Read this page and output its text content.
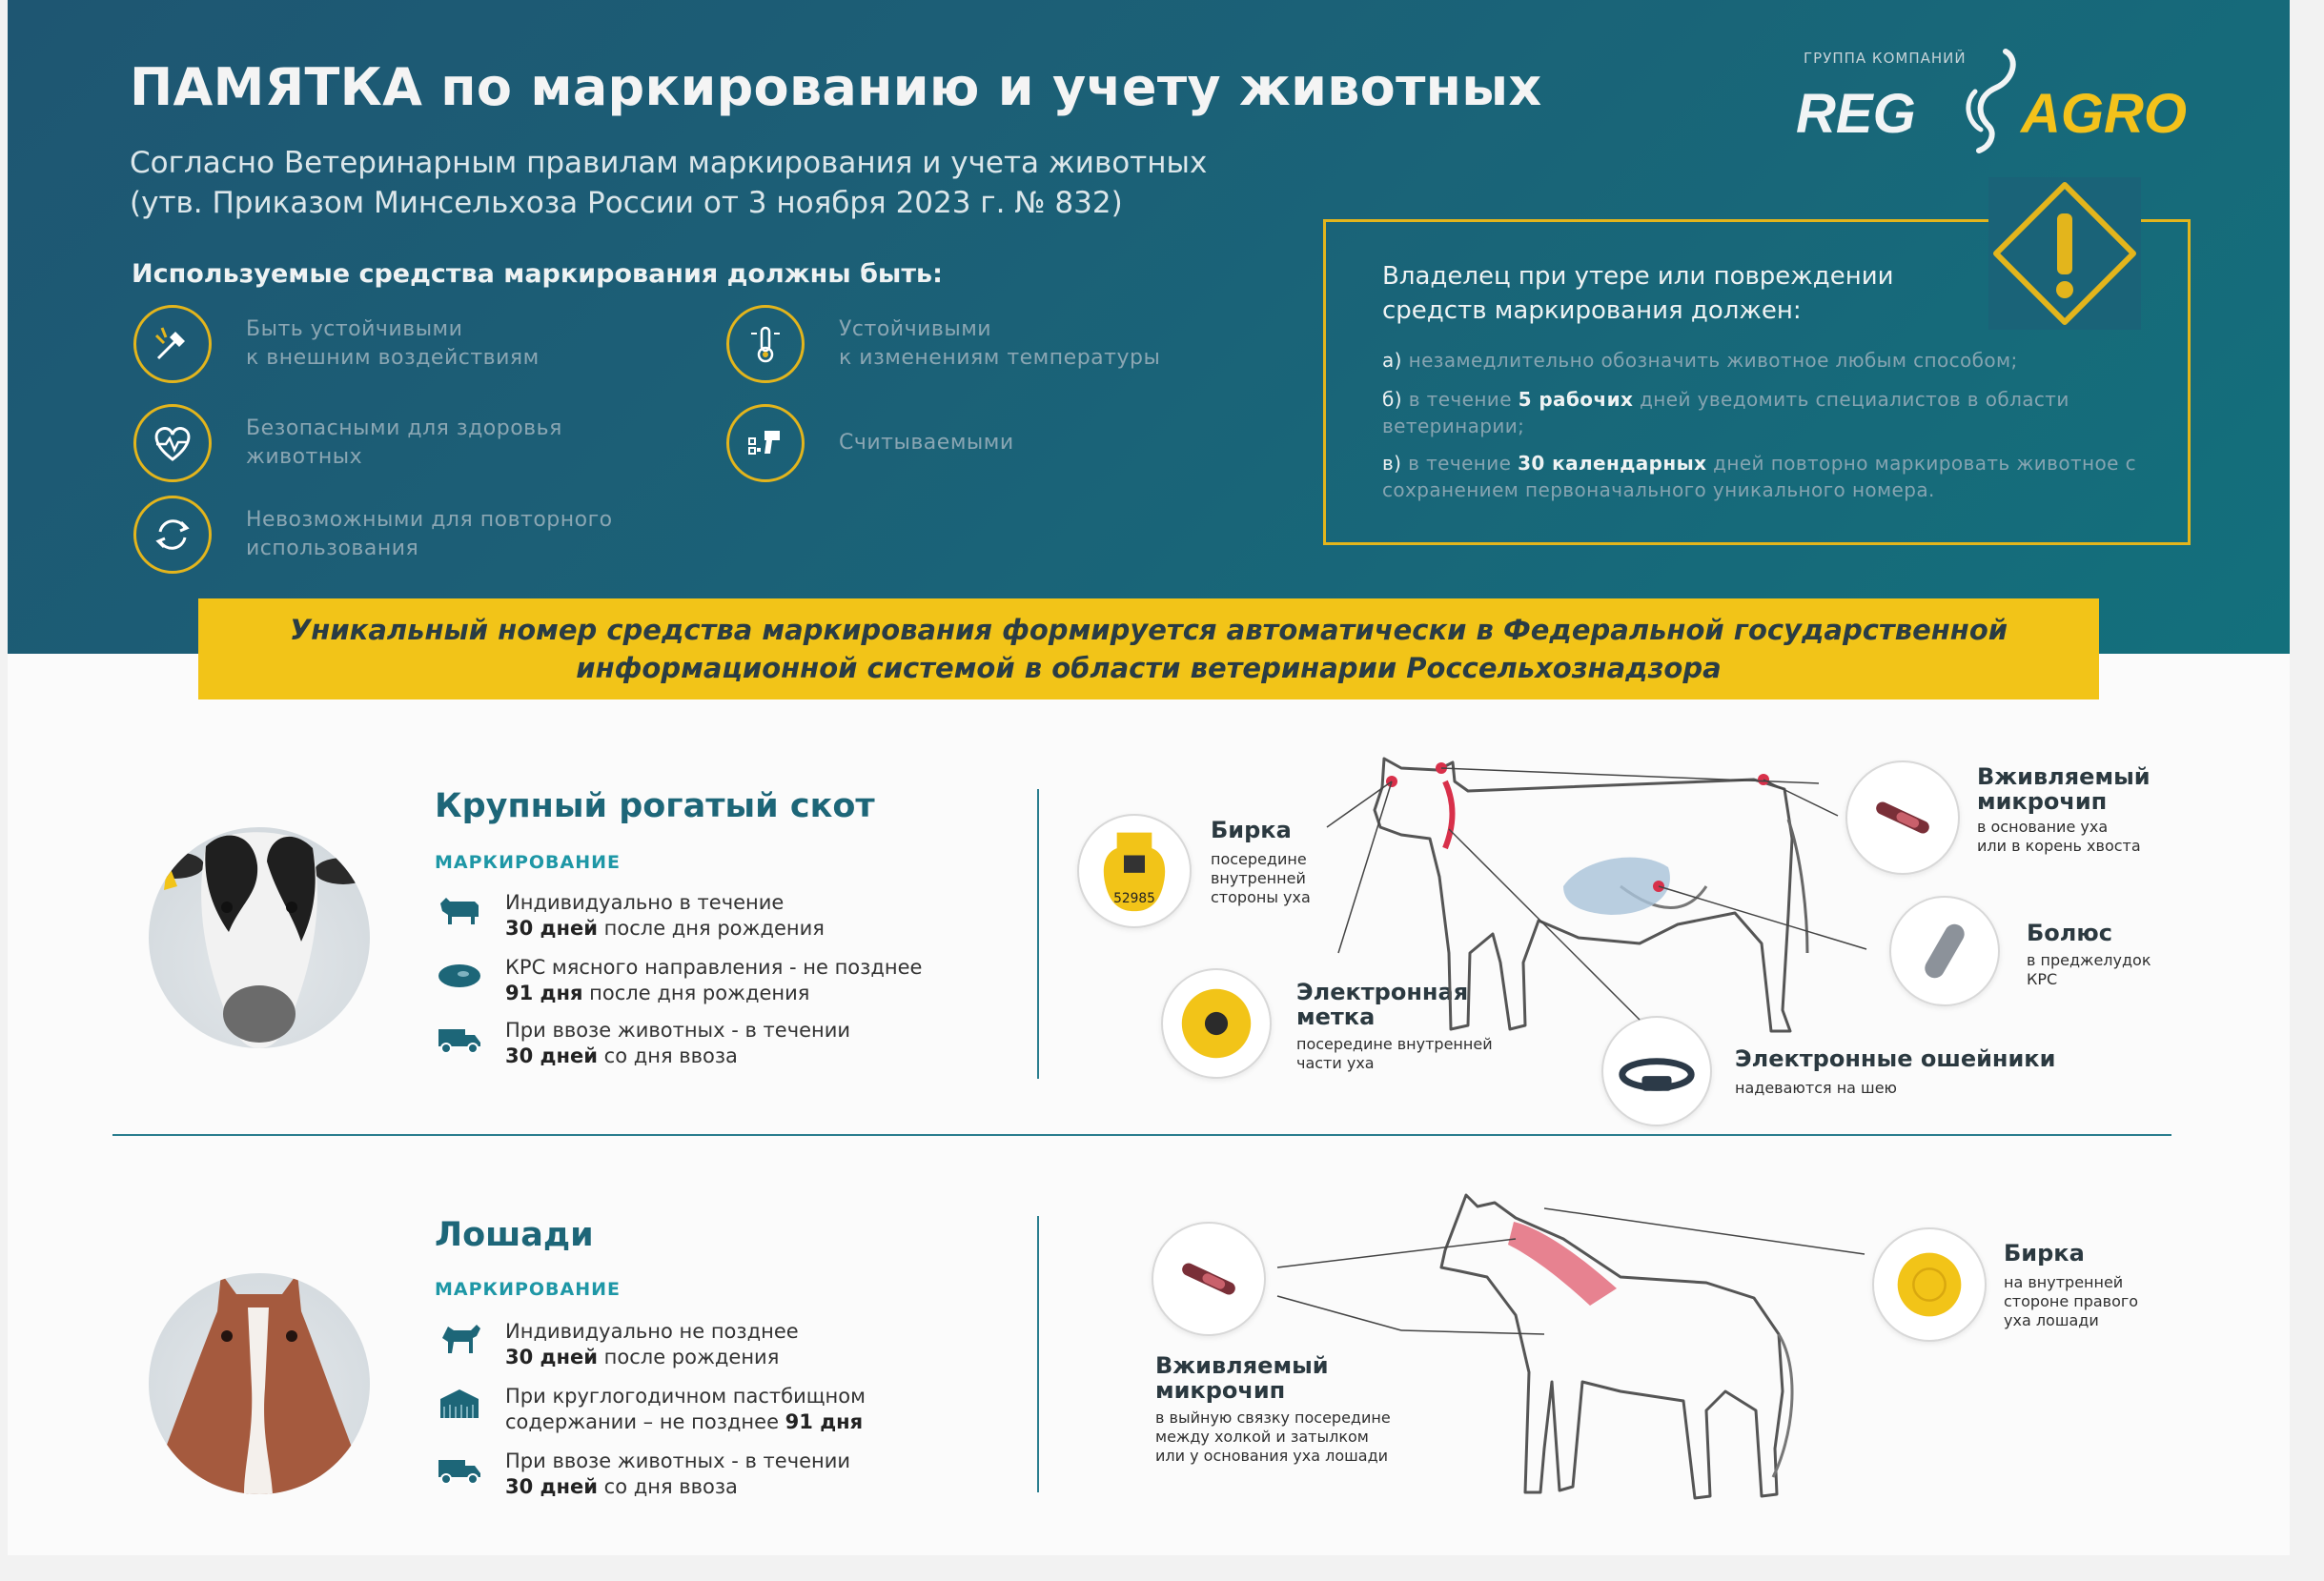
ПАМЯТКА по маркированию и учету животных
Согласно Ветеринарным правилам маркирования и учета животных
(утв. Приказом Минсельхоза России от 3 ноября 2023 г. № 832)
ГРУППА КОМПАНИЙ
REG AGRO
Используемые средства маркирования должны быть:
Быть устойчивыми
к внешним воздействиям
Безопасными для здоровья
животных
Невозможными для повторного
использования
Устойчивыми
к изменениям температуры
Считываемыми
Владелец при утере или повреждении
средств маркирования должен:
а) незамедлительно обозначить животное любым способом;
б) в течение 5 рабочих дней уведомить специалистов в области ветеринарии;
в) в течение 30 календарных дней повторно маркировать животное с сохранением первоначального уникального номера.
Уникальный номер средства маркирования формируется автоматически в Федеральной государственной
информационной системой в области ветеринарии Россельхознадзора
Крупный рогатый скот
МАРКИРОВАНИЕ
Индивидуально в течение
30 дней после дня рождения
КРС мясного направления - не позднее
91 дня после дня рождения
При ввозе животных - в течении
30 дней со дня ввоза
52985
Бирка
посередине
внутренней
стороны уха
Электронная
метка
посередине внутренней
части уха
Вживляемый
микрочип
в основание уха
или в корень хвоста
Болюс
в преджелудок
КРС
Электронные ошейники
надеваются на шею
Лошади
МАРКИРОВАНИЕ
Индивидуально не позднее
30 дней после рождения
При круглогодичном пастбищном
содержании – не позднее 91 дня
При ввозе животных - в течении
30 дней со дня ввоза
Вживляемый
микрочип
в выйную связку посередине
между холкой и затылком
или у основания уха лошади
Бирка
на внутренней
стороне правого
уха лошади
